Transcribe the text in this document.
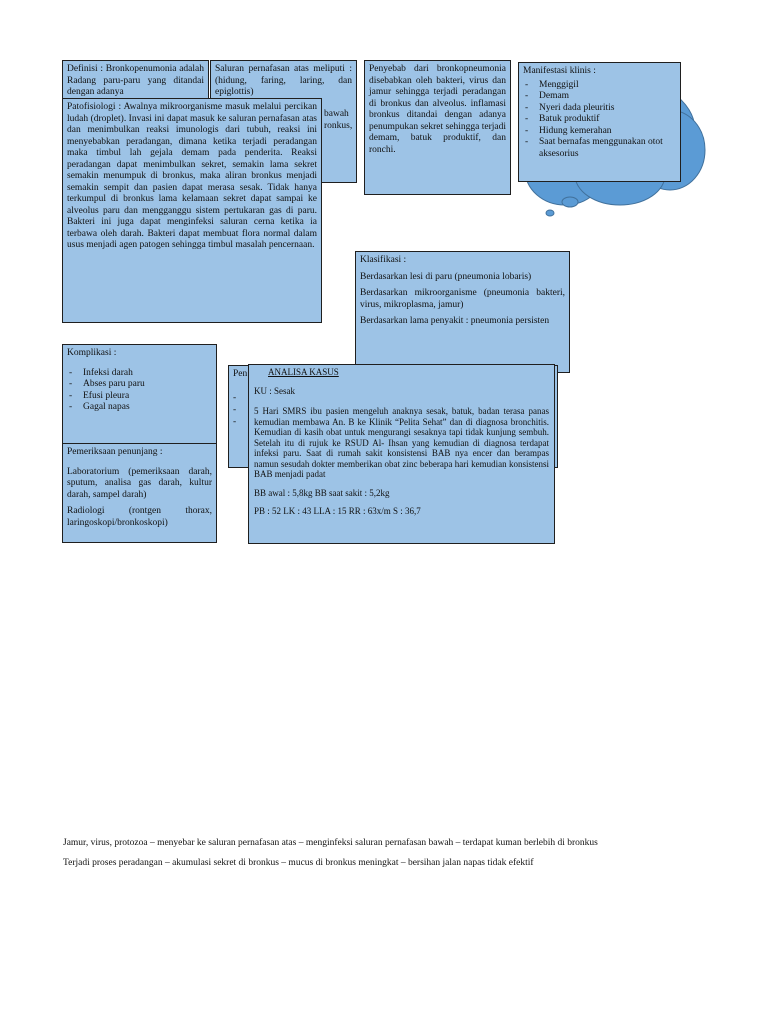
Definisi : Bronkopenumonia adalah Radang paru-paru yang ditandai dengan adanya
Saluran pernafasan atas meliputi : (hidung, faring, laring, dan epiglottis)
bawah
ronkus,
Penyebab dari bronkopneumonia disebabkan oleh bakteri, virus dan jamur sehingga terjadi peradangan di bronkus dan alveolus. inflamasi bronkus ditandai dengan adanya penumpukan sekret sehingga terjadi demam, batuk produktif, dan ronchi.
Manifestasi klinis :
- Menggigil
- Demam
- Nyeri dada pleuritis
- Batuk produktif
- Hidung kemerahan
- Saat bernafas menggunakan otot aksesorius
Patofisiologi : Awalnya mikroorganisme masuk melalui percikan ludah (droplet). Invasi ini dapat masuk ke saluran pernafasan atas dan menimbulkan reaksi imunologis dari tubuh, reaksi ini menyebabkan peradangan, dimana ketika terjadi peradangan maka timbul lah gejala demam pada penderita. Reaksi peradangan dapat menimbulkan sekret, semakin lama sekret semakin menumpuk di bronkus, maka aliran bronkus menjadi semakin sempit dan pasien dapat merasa sesak. Tidak hanya terkumpul di bronkus lama kelamaan sekret dapat sampai ke alveolus paru dan mengganggu sistem pertukaran gas di paru. Bakteri ini juga dapat menginfeksi saluran cerna ketika ia terbawa oleh darah. Bakteri dapat membuat flora normal dalam usus menjadi agen patogen sehingga timbul masalah pencernaan.

Klasifikasi :

Berdasarkan lesi di paru (pneumonia lobaris)

Berdasarkan mikroorganisme (pneumonia bakteri, virus, mikroplasma, jamur)

Berdasarkan lama penyakit : pneumonia persisten

Komplikasi :
- Infeksi darah
- Abses paru paru
- Efusi pleura
- Gagal napas

Pemeriksaan penunjang :

Laboratorium (pemeriksaan darah, sputum, analisa gas darah, kultur darah, sampel darah)

Radiologi (rontgen thorax, laringoskopi/bronkoskopi)

Pen
-
-
-
ANALISA KASUS

KU : Sesak

5 Hari SMRS ibu pasien mengeluh anaknya sesak, batuk, badan terasa panas kemudian membawa An. B ke Klinik “Pelita Sehat” dan di diagnosa bronchitis. Kemudian di kasih obat untuk mengurangi sesaknya tapi tidak kunjung sembuh. Setelah itu di rujuk ke RSUD Al- Ihsan yang kemudian di diagnosa terdapat infeksi paru. Saat di rumah sakit konsistensi BAB nya encer dan berampas namun sesudah dokter memberikan obat zinc beberapa hari kemudian konsistensi BAB menjadi padat

BB awal : 5,8kg BB saat sakit : 5,2kg

PB : 52 LK : 43 LLA : 15 RR : 63x/m S : 36,7

Jamur, virus, protozoa – menyebar ke saluran pernafasan atas – menginfeksi saluran pernafasan bawah – terdapat kuman berlebih di bronkus
Terjadi proses peradangan – akumulasi sekret di bronkus – mucus di bronkus meningkat – bersihan jalan napas tidak efektif
